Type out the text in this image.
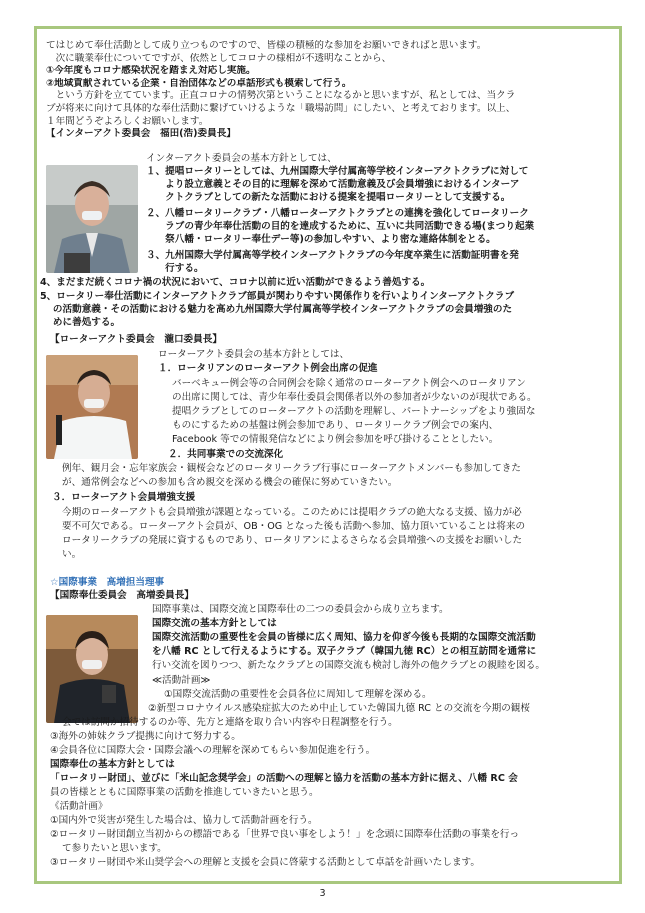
てはじめて奉仕活動として成り立つものですので、皆様の積極的な参加をお願いできればと思います。
　次に職業奉仕についてですが、依然としてコロナの様相が不透明なことから、
①今年度もコロナ感染状況を踏まえ対応し実施。
②地域貢献されている企業・自治団体などの卓話形式も模索して行う。
　という方針を立てています。正直コロナの情勢次第ということになるかと思いますが、私としては、当クラ
ブが将来に向けて具体的な奉仕活動に繋げていけるような「職場訪問」にしたい、と考えております。以上、
１年間どうぞよろしくお願いします。
【インターアクト委員会　福田(浩)委員長】
インターアクト委員会の基本方針としては、
１、提唱ロータリーとしては、九州国際大学付属高等学校インターアクトクラブに対して
　　より設立意義とその目的に理解を深めて活動意義及び会員増強におけるインターア
　　クトクラブとしての新たな活動における提案を提唱ロータリーとして支援する。
２、八幡ロータリークラブ・八幡ローターアクトクラブとの連携を強化してロータリーク
　　ラブの青少年奉仕活動の目的を達成するために、互いに共同活動できる場(まつり起業
　　祭八幡・ロータリー奉仕デー等)の参加しやすい、より密な連絡体制をとる。
３、九州国際大学付属高等学校インターアクトクラブの今年度卒業生に活動証明書を発
　　行する。
4、まだまだ続くコロナ禍の状況において、コロナ以前に近い活動ができるよう善処する。
5、ロータリー奉仕活動にインターアクトクラブ部員が関わりやすい関係作りを行いよりインターアクトクラブ
　 の活動意義・その活動における魅力を高め九州国際大学付属高等学校インターアクトクラブの会員増強のた
　 めに善処する。
【ローターアクト委員会　瀧口委員長】
ローターアクト委員会の基本方針としては、
１．ロータリアンのローターアクト例会出席の促進
バーベキュー例会等の合同例会を除く通常のローターアクト例会へのロータリアン
の出席に関しては、青少年奉仕委員会関係者以外の参加者が少ないのが現状である。
提唱クラブとしてのローターアクトの活動を理解し、パートナーシップをより強固な
ものにするための基盤は例会参加であり、ロータリークラブ例会での案内、
Facebook 等での情報発信などにより例会参加を呼び掛けることとしたい。
２．共同事業での交流深化
例年、観月会・忘年家族会・観桜会などのロータリークラブ行事にローターアクトメンバーも参加してきた
が、通常例会などへの参加も含め親交を深める機会の確保に努めていきたい。
３．ローターアクト会員増強支援
今期のローターアクトも会員増強が課題となっている。このためには提唱クラブの絶大なる支援、協力が必
要不可欠である。ローターアクト会員が、OB・OG となった後も活動へ参加、協力頂いていることは将来の
ロータリークラブの発展に資するものであり、ロータリアンによるさらなる会員増強への支援をお願いした
い。
☆国際事業　高増担当理事
【国際奉仕委員会　高増委員長】
国際事業は、国際交流と国際奉仕の二つの委員会から成り立ちます。
国際交流の基本方針としては
国際交流活動の重要性を会員の皆様に広く周知、協力を仰ぎ今後も長期的な国際交流活動
を八幡 RC として行えるようにする。双子クラブ（韓国九徳 RC）との相互訪問を通常に
行い交流を図りつつ、新たなクラブとの国際交流も検討し海外の他クラブとの親睦を図る。
≪活動計画≫
①国際交流活動の重要性を会員各位に周知して理解を深める。
②新型コロナウイルス感染症拡大のため中止していた韓国九德 RC との交流を今期の観桜
会では訪問か招待するのか等、先方と連絡を取り合い内容や日程調整を行う。
③海外の姉妹クラブ提携に向けて努力する。
④会員各位に国際大会・国際会議への理解を深めてもらい参加促進を行う。
国際奉仕の基本方針としては
「ロータリー財団」、並びに「米山記念奨学会」の活動への理解と協力を活動の基本方針に据え、八幡 RC 会
員の皆様とともに国際事業の活動を推進していきたいと思う。
《活動計画》
①国内外で災害が発生した場合は、協力して活動計画を行う。
②ロータリー財団創立当初からの標語である「世界で良い事をしよう！」を念頭に国際奉仕活動の事業を行っ
て参りたいと思います。
③ロータリー財団や米山奨学会への理解と支援を会員に啓蒙する活動として卓話を計画いたします。
3
